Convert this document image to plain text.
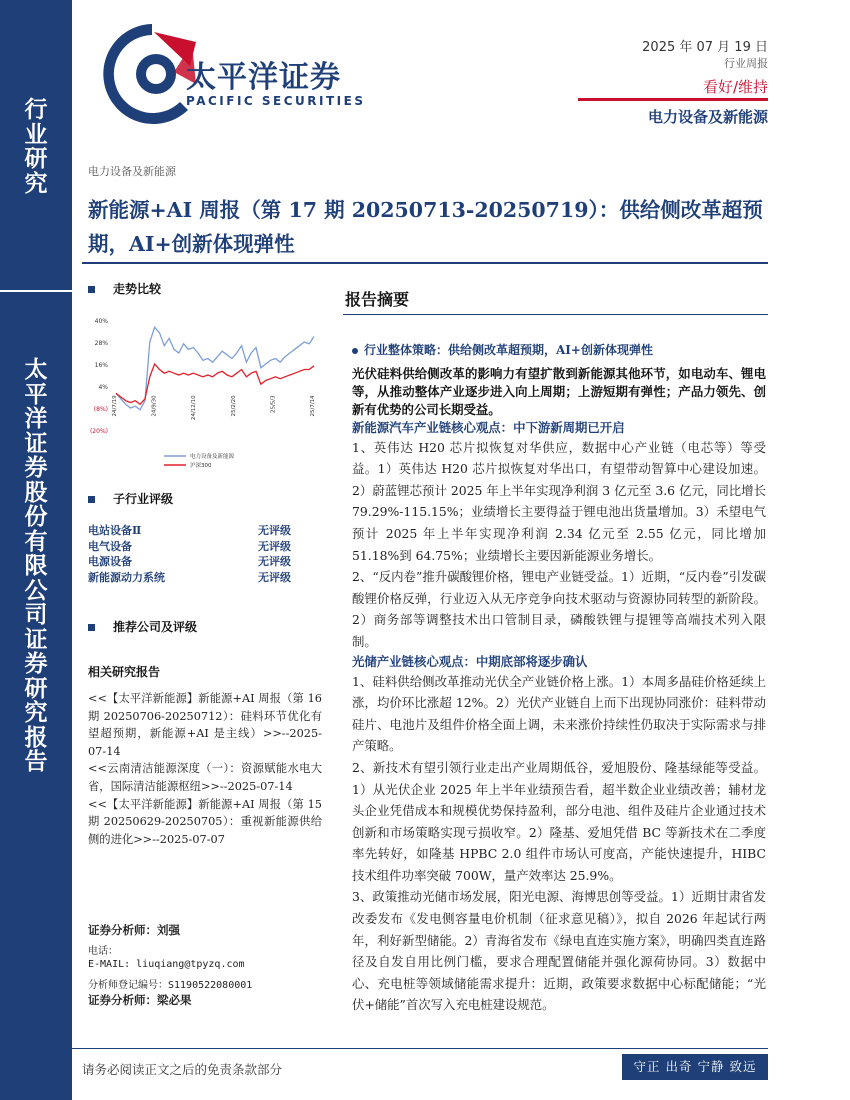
行
业
研
究
太
平
洋
证
券
股
份
有
限
公
司
证
券
研
究
报
告
太平洋证券
PACIFIC SECURITIES
2025 年 07 月 19 日
行业周报
看好/维持
电力设备及新能源
电力设备及新能源
新能源+AI 周报（第 17 期 20250713-20250719）：供给侧改革超预期，AI+创新体现弹性
走势比较
40%
28%
16%
4%
(8%)
(20%)
24/7/19	24/9/30	24/12/10	25/2/20	25/5/3	25/7/14
电力设备及新能源
沪深300
子行业评级
电站设备Ⅱ	无评级
电气设备	无评级
电源设备	无评级
新能源动力系统	无评级
推荐公司及评级
相关研究报告

<<【太平洋新能源】新能源+AI 周报（第 16 期 20250706-20250712）：硅料环节优化有望超预期，新能源+AI 是主线）>>--2025-07-14

<<云南清洁能源深度（一）：资源赋能水电大省，国际清洁能源枢纽>>--2025-07-14

<<【太平洋新能源】新能源+AI 周报（第 15 期 20250629-20250705）：重视新能源供给侧的进化>>--2025-07-07

证券分析师：刘强
电话：
E-MAIL: liuqiang@tpyzq.com
分析师登记编号：S1190522080001
证券分析师：梁必果
报告摘要

行业整体策略：供给侧改革超预期，AI+创新体现弹性

光伏硅料供给侧改革的影响力有望扩散到新能源其他环节，如电动车、锂电等，从推动整体产业逐步进入向上周期；上游短期有弹性；产品力领先、创新有优势的公司长期受益。

新能源汽车产业链核心观点：中下游新周期已开启

1、英伟达 H20 芯片拟恢复对华供应，数据中心产业链（电芯等）等受益。1）英伟达 H20 芯片拟恢复对华出口，有望带动智算中心建设加速。2）蔚蓝锂芯预计 2025 年上半年实现净利润 3 亿元至 3.6 亿元，同比增长 79.29%-115.15%；业绩增长主要得益于锂电池出货量增加。3）禾望电气预计 2025 年上半年实现净利润 2.34 亿元至 2.55 亿元，同比增加 51.18%到 64.75%；业绩增长主要因新能源业务增长。

2、“反内卷”推升碳酸锂价格，锂电产业链受益。1）近期，“反内卷”引发碳酸锂价格反弹，行业迈入从无序竞争向技术驱动与资源协同转型的新阶段。2）商务部等调整技术出口管制目录，磷酸铁锂与提锂等高端技术列入限制。

光储产业链核心观点：中期底部将逐步确认

1、硅料供给侧改革推动光伏全产业链价格上涨。1）本周多晶硅价格延续上涨，均价环比涨超 12%。2）光伏产业链自上而下出现协同涨价：硅料带动硅片、电池片及组件价格全面上调，未来涨价持续性仍取决于实际需求与排产策略。

2、新技术有望引领行业走出产业周期低谷，爱旭股份、隆基绿能等受益。1）从光伏企业 2025 年上半年业绩预告看，超半数企业业绩改善；辅材龙头企业凭借成本和规模优势保持盈利，部分电池、组件及硅片企业通过技术创新和市场策略实现亏损收窄。2）隆基、爱旭凭借 BC 等新技术在二季度率先转好，如隆基 HPBC 2.0 组件市场认可度高，产能快速提升，HIBC 技术组件功率突破 700W，量产效率达 25.9%。

3、政策推动光储市场发展，阳光电源、海博思创等受益。1）近期甘肃省发改委发布《发电侧容量电价机制（征求意见稿）》，拟自 2026 年起试行两年，利好新型储能。2）青海省发布《绿电直连实施方案》，明确四类直连路径及自发自用比例门槛，要求合理配置储能并强化源荷协同。3）数据中心、充电桩等领域储能需求提升：近期，政策要求数据中心标配储能；“光伏+储能”首次写入充电桩建设规范。

请务必阅读正文之后的免责条款部分	守正 出奇 宁静 致远
